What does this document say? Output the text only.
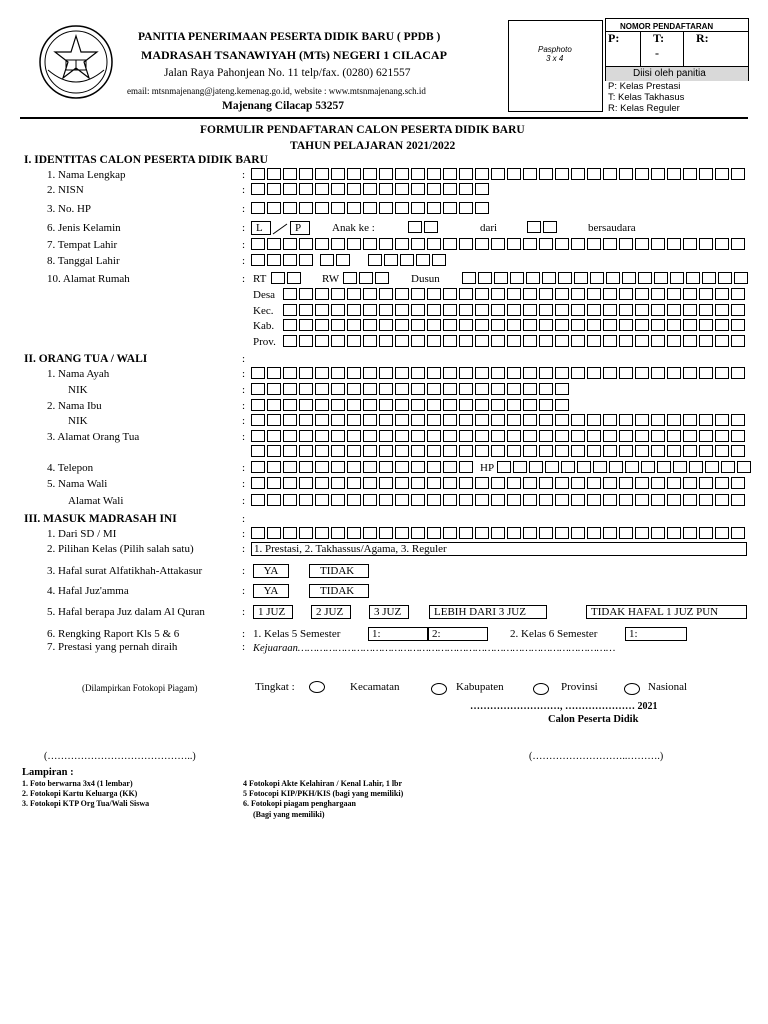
PANITIA PENERIMAAN PESERTA DIDIK BARU ( PPDB )
MADRASAH TSANAWIYAH (MTs) NEGERI 1 CILACAP
Jalan Raya Pahonjean No. 11 telp/fax. (0280) 621557
email: mtsnmajenang@jateng.kemenag.go.id, website : www.mtsnmajenang.sch.id
Majenang Cilacap 53257
Pasphoto
3 x 4
NOMOR PENDAFTARAN
P:	T:	R:
-
Diisi oleh panitia
P: Kelas Prestasi
T: Kelas Takhasus
R: Kelas Reguler
FORMULIR PENDAFTARAN CALON PESERTA DIDIK BARU
TAHUN PELAJARAN 2021/2022
I. IDENTITAS CALON PESERTA DIDIK BARU
1. Nama Lengkap	:
2. NISN	:
3. No. HP	:
6. Jenis Kelamin	: L	P	Anak ke :	dari	bersaudara
7. Tempat Lahir	:
8. Tanggal Lahir	:
10. Alamat Rumah	: RT	RW	Dusun
Desa
Kec.
Kab.
Prov.
II. ORANG TUA / WALI	:
1. Nama Ayah	:
NIK	:
2. Nama Ibu	:
NIK	:
3. Alamat Orang Tua	:
4. Telepon	:	HP
5. Nama Wali	:
Alamat Wali	:
III. MASUK MADRASAH INI	:
1. Dari SD / MI	:
2. Pilihan Kelas (Pilih salah satu)	: 1. Prestasi, 2. Takhassus/Agama, 3. Reguler
3. Hafal surat Alfatikhah-Attakasur	:	YA	TIDAK
4. Hafal Juz'amma	:	YA	TIDAK
5. Hafal berapa Juz dalam Al Quran	:	1 JUZ	2 JUZ	3 JUZ	LEBIH DARI 3 JUZ	TIDAK HAFAL 1 JUZ PUN
6. Rengking Raport Kls 5 & 6	: 1. Kelas 5 Semester	1:	2:	2. Kelas 6 Semester	1:
7. Prestasi yang pernah diraih	: Kejuaraan…………………………………………………………………………………………
(Dilampirkan Fotokopi Piagam)	Tingkat :	Kecamatan	Kabupaten	Provinsi	Nasional
………………………, ………………… 2021
Calon Peserta Didik
(……………………………………..)	(………………………..……….)
Lampiran :
1. Foto berwarna 3x4 (1 lembar)
2. Fotokopi Kartu Keluarga (KK)
3. Fotokopi KTP Org Tua/Wali Siswa
4 Fotokopi Akte Kelahiran / Kenal Lahir, 1 lbr
5 Fotocopi KIP/PKH/KIS (bagi yang memiliki)
6. Fotokopi piagam penghargaan
(Bagi yang memiliki)
